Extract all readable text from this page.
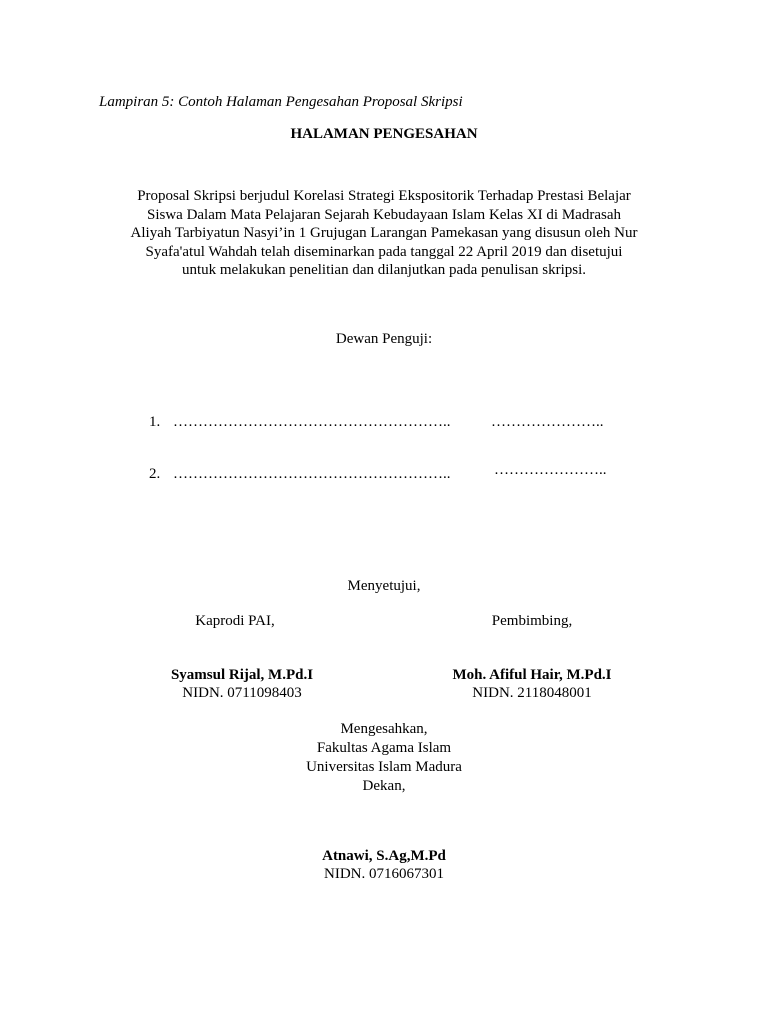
Lampiran 5: Contoh Halaman Pengesahan Proposal Skripsi
HALAMAN PENGESAHAN
Proposal Skripsi berjudul Korelasi Strategi Ekspositorik Terhadap Prestasi Belajar
Siswa Dalam Mata Pelajaran Sejarah Kebudayaan Islam Kelas XI di Madrasah
Aliyah Tarbiyatun Nasyi’in 1 Grujugan Larangan Pamekasan yang disusun oleh Nur
Syafa'atul Wahdah telah diseminarkan pada tanggal 22 April 2019 dan disetujui
untuk melakukan penelitian dan dilanjutkan pada penulisan skripsi.
Dewan Penguji:
1. ………………………………………………..	…………………..
2. ………………………………………………..	…………………..
Menyetujui,
Kaprodi PAI,
Syamsul Rijal, M.Pd.I
NIDN. 0711098403
Pembimbing,
Moh. Afiful Hair, M.Pd.I
NIDN. 2118048001
Mengesahkan,
Fakultas Agama Islam
Universitas Islam Madura
Dekan,
Atnawi, S.Ag,M.Pd
NIDN. 0716067301
